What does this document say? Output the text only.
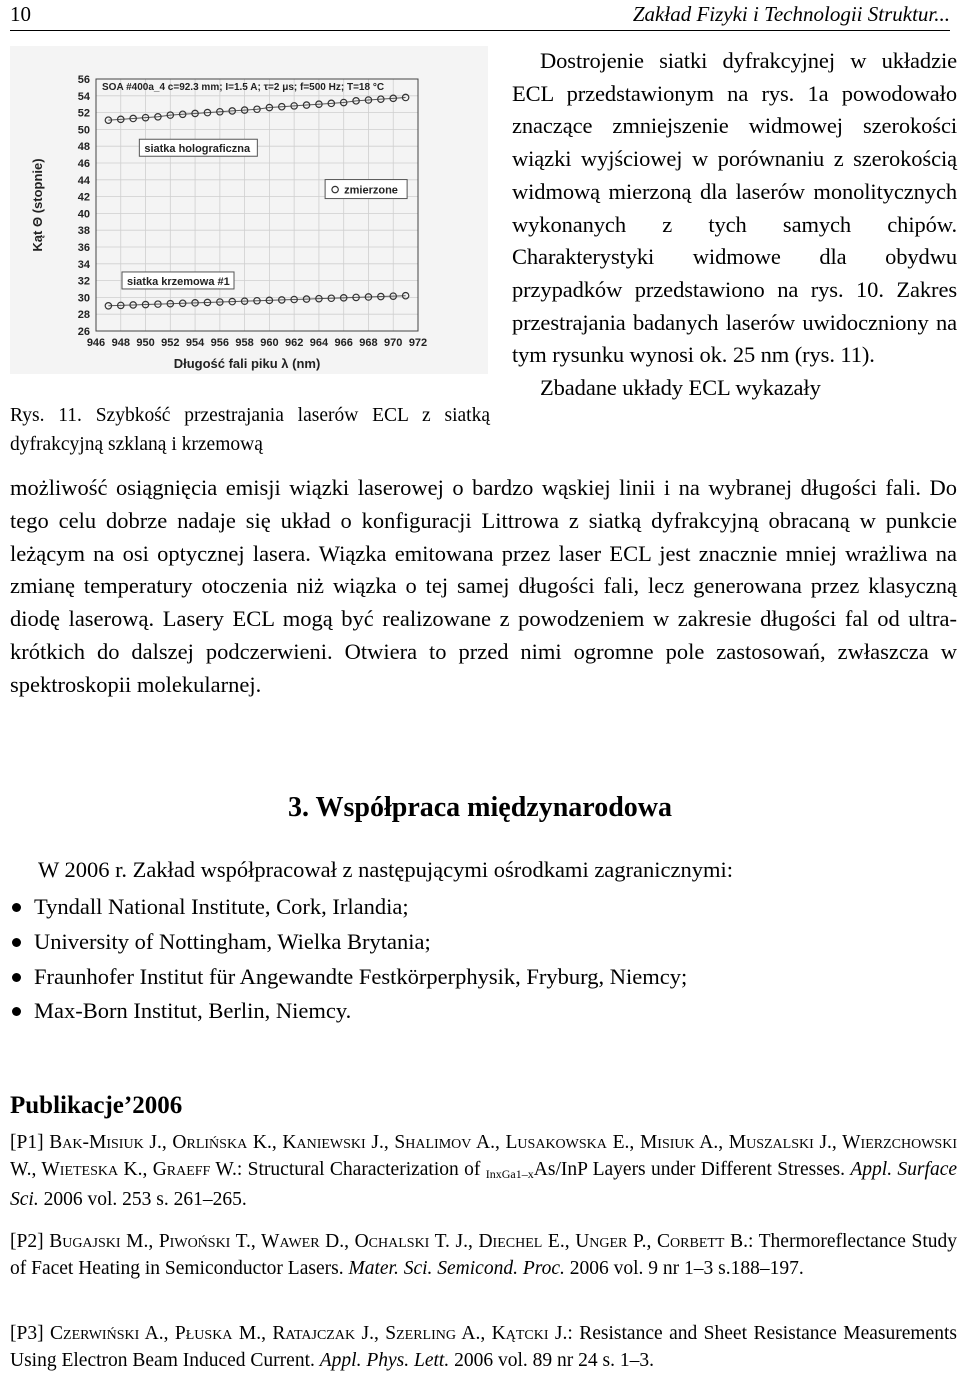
10	Zakład Fizyki i Technologii Struktur...
946 948 950 952 954 956 958 960 962 964 966 968 970 972
26
28
30
32
34
36
38
40
42
44
46
48
50
52
54
56
Długość fali piku λ (nm)
Kąt Θ (stopnie)
SOA #400a_4 c=92.3 mm; I=1.5 A; τ=2 μs; f=500 Hz; T=18 °C
siatka holograficzna
siatka krzemowa #1
zmierzone
Rys. 11. Szybkość przestrajania laserów ECL z siatką dyfrakcyjną szklaną i krzemową

Dostrojenie siatki dyfrakcyjnej w układzie ECL przedstawionym na rys. 1a powodowało znaczące zmniejszenie widmowej szerokości wiązki wyjściowej w porównaniu z szerokością widmową mierzoną dla laserów monolitycznych wykonanych z tych samych chipów. Charakterystyki widmowe dla obydwu przypadków przedstawiono na rys. 10. Zakres przestrajania badanych laserów uwidoczniony na tym rysunku wynosi ok. 25 nm (rys. 11).

Zbadane układy ECL wykazały

możliwość osiągnięcia emisji wiązki laserowej o bardzo wąskiej linii i na wybranej długości fali. Do tego celu dobrze nadaje się układ o konfiguracji Littrowa z siatką dyfrakcyjną obracaną w punkcie leżącym na osi optycznej lasera. Wiązka emitowana przez laser ECL jest znacznie mniej wrażliwa na zmianę temperatury otoczenia niż wiązka o tej samej długości fali, lecz generowana przez klasyczną diodę laserową. Lasery ECL mogą być realizowane z powodzeniem w zakresie długości fal od ultra- krótkich do dalszej podczerwieni. Otwiera to przed nimi ogromne pole zastosowań, zwłaszcza w spektroskopii molekularnej.

3. Współpraca międzynarodowa
W 2006 r. Zakład współpracował z następującymi ośrodkami zagranicznymi:
Tyndall National Institute, Cork, Irlandia;
University of Nottingham, Wielka Brytania;
Fraunhofer Institut für Angewandte Festkörperphysik, Fryburg, Niemcy;
Max-Born Institut, Berlin, Niemcy.
Publikacje’2006

[P1] Bak-Misiuk J., Orlińska K., Kaniewski J., Shalimov A., Lusakowska E., Misiuk A., Muszalski J., Wierzchowski W., Wieteska K., Graeff W.: Structural Characterization of $_{InxGa1-x}$As/InP Layers under Different Stresses. Appl. Surface Sci. 2006 vol. 253 s. 261–265.

[P2] Bugajski M., Piwoński T., Wawer D., Ochalski T. J., Diechel E., Unger P., Corbett B.: Thermoreflectance Study of Facet Heating in Semiconductor Lasers. Mater. Sci. Semicond. Proc. 2006 vol. 9 nr 1–3 s.188–197.

[P3] Czerwiński A., Płuska M., Ratajczak J., Szerling A., Kątcki J.: Resistance and Sheet Resistance Measurements Using Electron Beam Induced Current. Appl. Phys. Lett. 2006 vol. 89 nr 24 s. 1–3.
